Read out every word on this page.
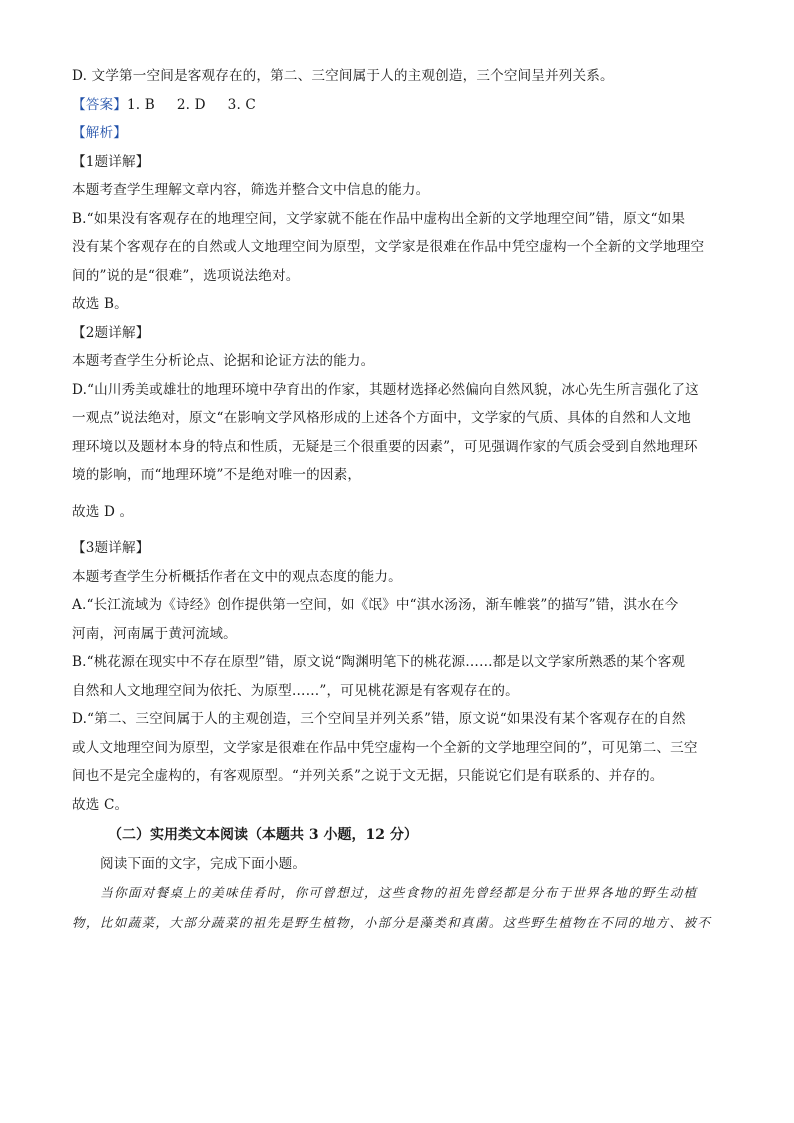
D. 文学第一空间是客观存在的，第二、三空间属于人的主观创造，三个空间呈并列关系。
【答案】1. B 2. D 3. C
【解析】
【1题详解】
本题考查学生理解文章内容，筛选并整合文中信息的能力。
B.“如果没有客观存在的地理空间，文学家就不能在作品中虚构出全新的文学地理空间”错，原文“如果
没有某个客观存在的自然或人文地理空间为原型，文学家是很难在作品中凭空虚构一个全新的文学地理空
间的”说的是“很难”，选项说法绝对。
故选 B。
【2题详解】
本题考查学生分析论点、论据和论证方法的能力。
D.“山川秀美或雄壮的地理环境中孕育出的作家，其题材选择必然偏向自然风貌，冰心先生所言强化了这
一观点”说法绝对，原文“在影响文学风格形成的上述各个方面中，文学家的气质、具体的自然和人文地
理环境以及题材本身的特点和性质，无疑是三个很重要的因素”，可见强调作家的气质会受到自然地理环
境的影响，而“地理环境”不是绝对唯一的因素，
故选 D 。
【3题详解】
本题考查学生分析概括作者在文中的观点态度的能力。
A.“长江流域为《诗经》创作提供第一空间，如《氓》中“淇水汤汤，渐车帷裳”的描写”错，淇水在今
河南，河南属于黄河流域。
B.“桃花源在现实中不存在原型”错，原文说“陶渊明笔下的桃花源……都是以文学家所熟悉的某个客观
自然和人文地理空间为依托、为原型……”，可见桃花源是有客观存在的。
D.“第二、三空间属于人的主观创造，三个空间呈并列关系”错，原文说“如果没有某个客观存在的自然
或人文地理空间为原型，文学家是很难在作品中凭空虚构一个全新的文学地理空间的”，可见第二、三空
间也不是完全虚构的，有客观原型。“并列关系”之说于文无据，只能说它们是有联系的、并存的。
故选 C。
（二）实用类文本阅读（本题共 3 小题，12 分）
阅读下面的文字，完成下面小题。
当你面对餐桌上的美味佳肴时，你可曾想过，这些食物的祖先曾经都是分布于世界各地的野生动植
物，比如蔬菜，大部分蔬菜的祖先是野生植物，小部分是藻类和真菌。这些野生植物在不同的地方、被不
